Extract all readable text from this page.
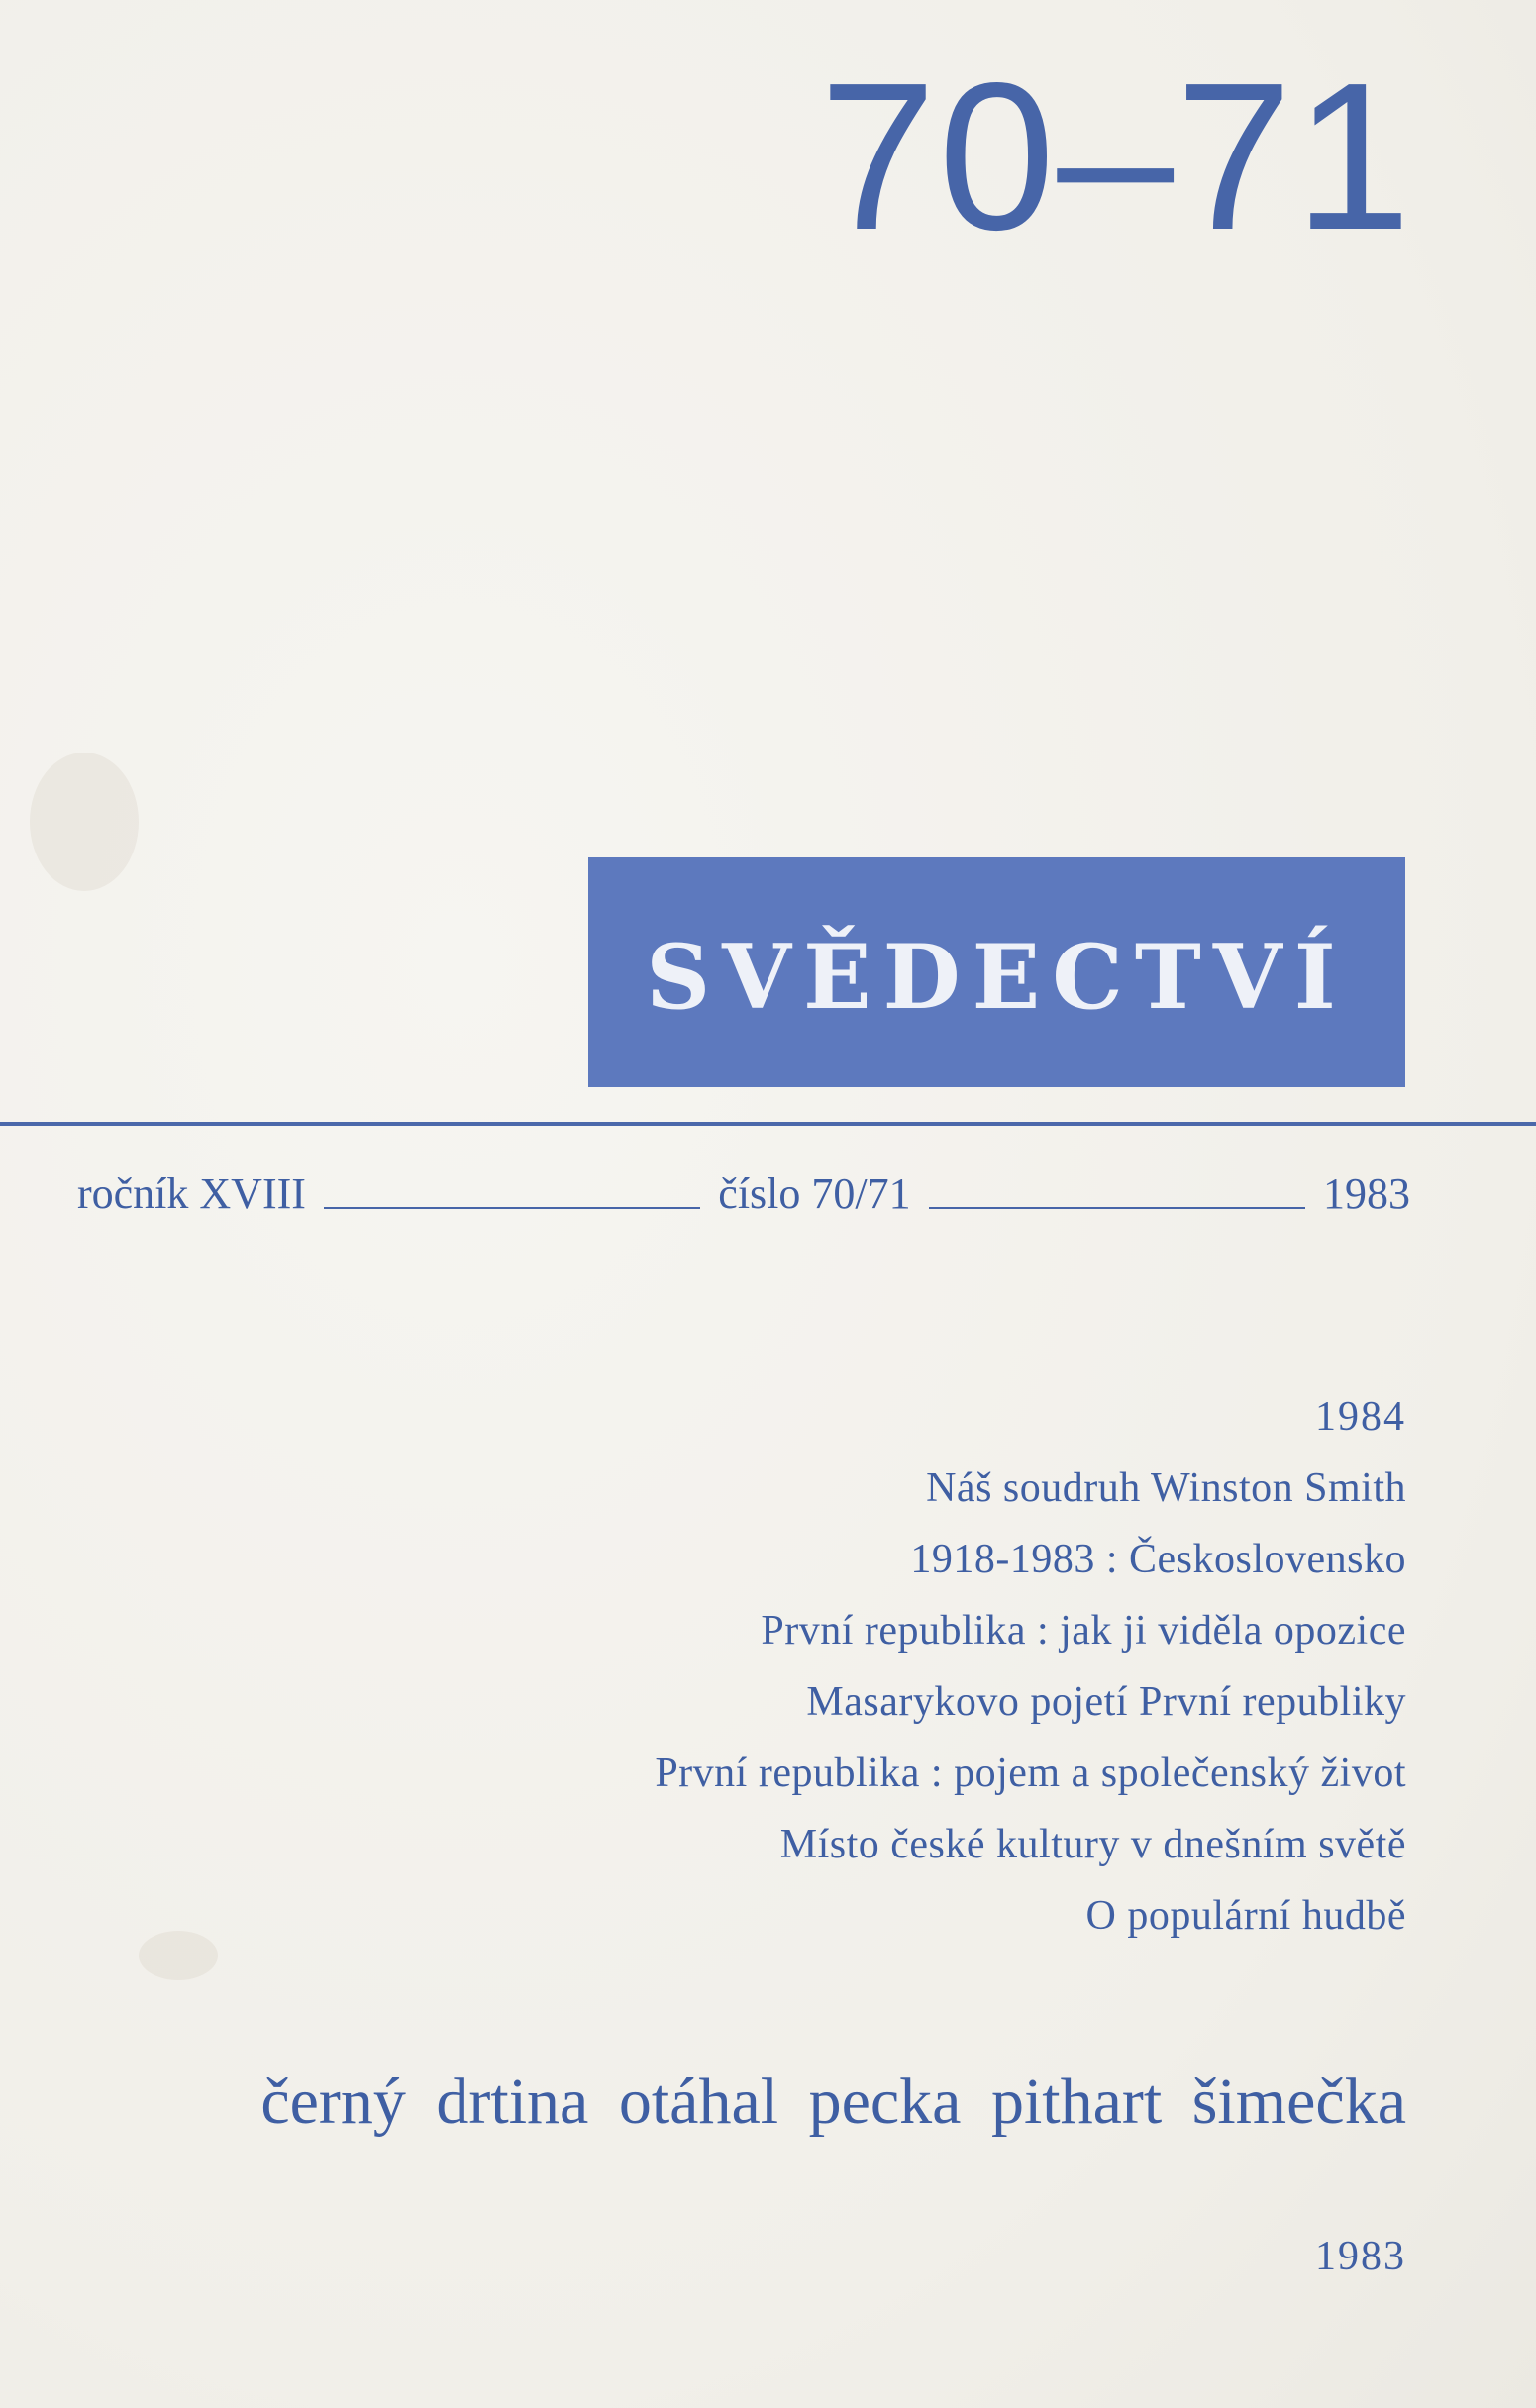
70–71
SVĚDECTVÍ
ročník XVIII	číslo 70/71	1983
1984
Náš soudruh Winston Smith
1918-1983 : Československo
První republika : jak ji viděla opozice
Masarykovo pojetí První republiky
První republika : pojem a společenský život
Místo české kultury v dnešním světě
O populární hudbě
černý drtina otáhal pecka pithart šimečka
1983
